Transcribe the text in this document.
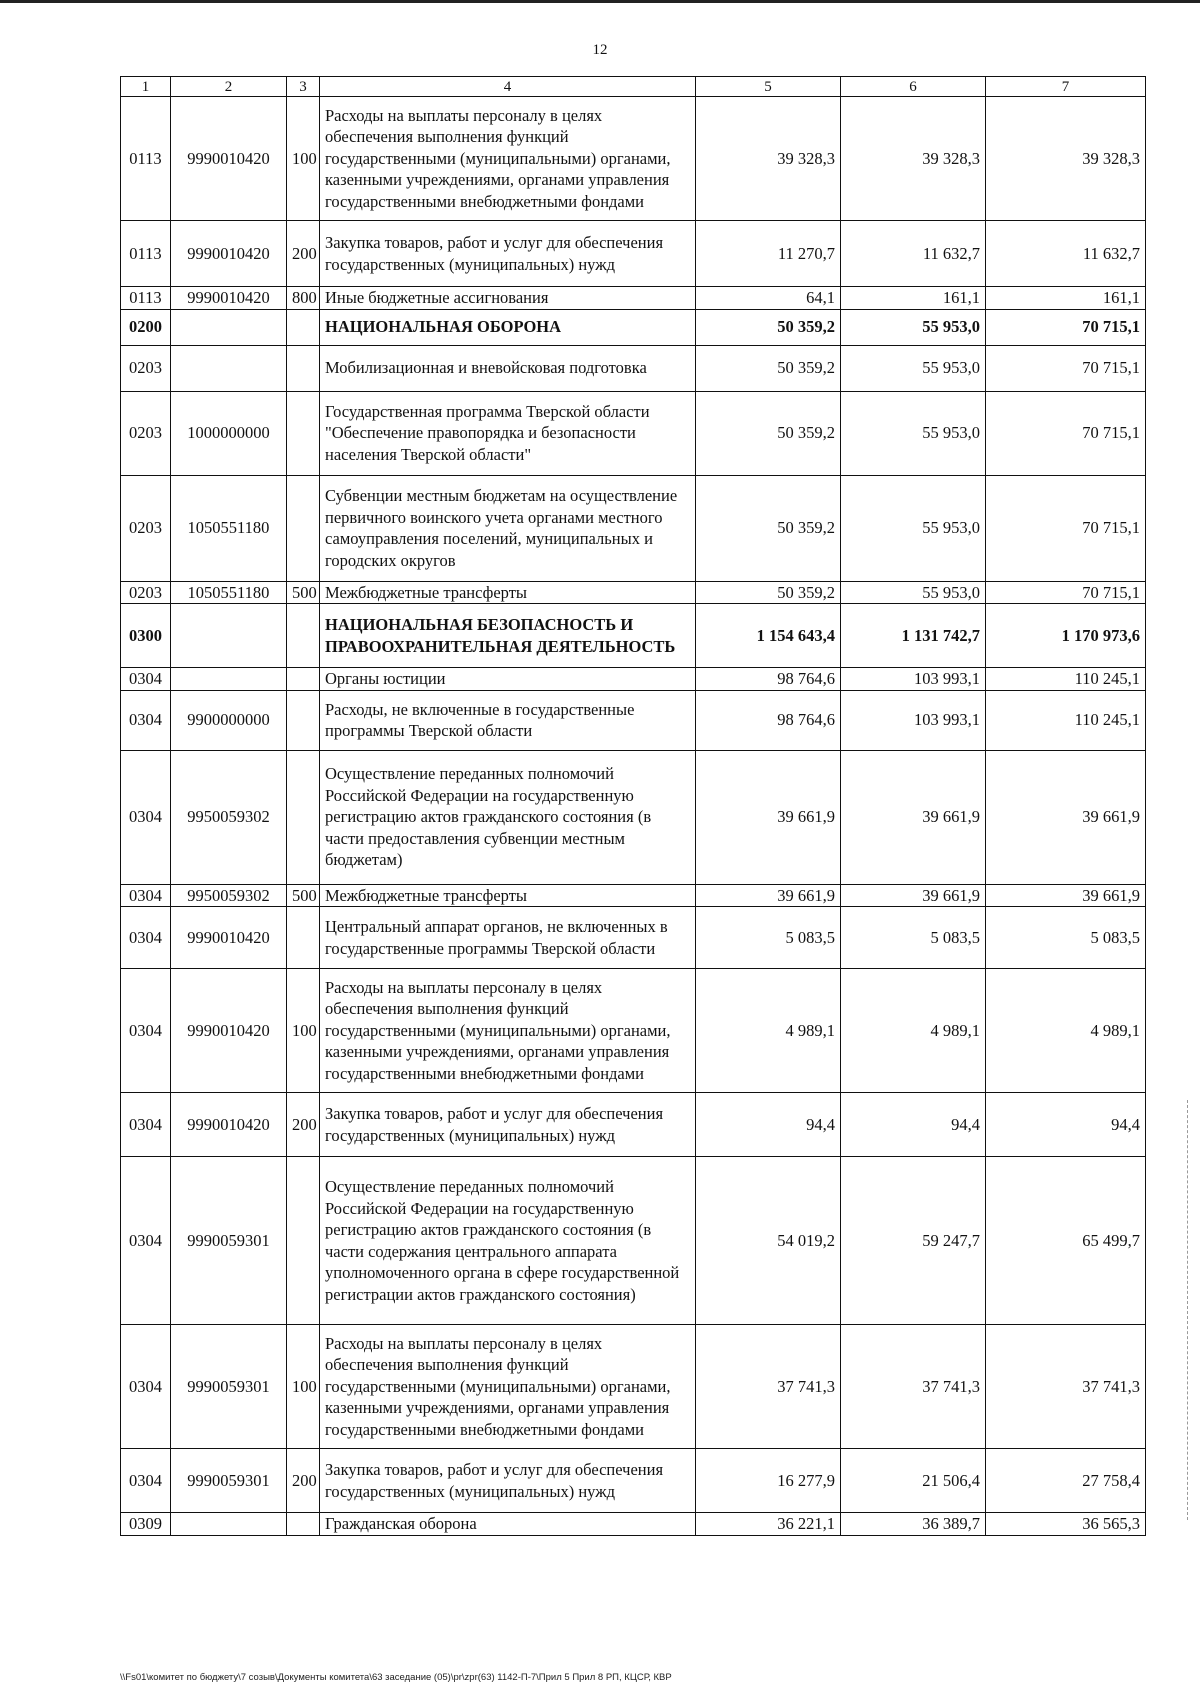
12
1	2	3	4	5	6	7
0113	9990010420	100	Расходы на выплаты персоналу в целях обеспечения выполнения функций государственными (муниципальными) органами, казенными учреждениями, органами управления государственными внебюджетными фондами	39 328,3	39 328,3	39 328,3
0113	9990010420	200	Закупка товаров, работ и услуг для обеспечения государственных (муниципальных) нужд	11 270,7	11 632,7	11 632,7
0113	9990010420	800	Иные бюджетные ассигнования	64,1	161,1	161,1
0200			НАЦИОНАЛЬНАЯ ОБОРОНА	50 359,2	55 953,0	70 715,1
0203			Мобилизационная и вневойсковая подготовка	50 359,2	55 953,0	70 715,1
0203	1000000000		Государственная программа Тверской области "Обеспечение правопорядка и безопасности населения Тверской области"	50 359,2	55 953,0	70 715,1
0203	1050551180		Субвенции местным бюджетам на осуществление первичного воинского учета органами местного самоуправления поселений, муниципальных и городских округов	50 359,2	55 953,0	70 715,1
0203	1050551180	500	Межбюджетные трансферты	50 359,2	55 953,0	70 715,1
0300			НАЦИОНАЛЬНАЯ БЕЗОПАСНОСТЬ И ПРАВООХРАНИТЕЛЬНАЯ ДЕЯТЕЛЬНОСТЬ	1 154 643,4	1 131 742,7	1 170 973,6
0304			Органы юстиции	98 764,6	103 993,1	110 245,1
0304	9900000000		Расходы, не включенные в государственные программы Тверской области	98 764,6	103 993,1	110 245,1
0304	9950059302		Осуществление переданных полномочий Российской Федерации на государственную регистрацию актов гражданского состояния (в части предоставления субвенции местным бюджетам)	39 661,9	39 661,9	39 661,9
0304	9950059302	500	Межбюджетные трансферты	39 661,9	39 661,9	39 661,9
0304	9990010420		Центральный аппарат органов, не включенных в государственные программы Тверской области	5 083,5	5 083,5	5 083,5
0304	9990010420	100	Расходы на выплаты персоналу в целях обеспечения выполнения функций государственными (муниципальными) органами, казенными учреждениями, органами управления государственными внебюджетными фондами	4 989,1	4 989,1	4 989,1
0304	9990010420	200	Закупка товаров, работ и услуг для обеспечения государственных (муниципальных) нужд	94,4	94,4	94,4
0304	9990059301		Осуществление переданных полномочий Российской Федерации на государственную регистрацию актов гражданского состояния (в части содержания центрального аппарата уполномоченного органа в сфере государственной регистрации актов гражданского состояния)	54 019,2	59 247,7	65 499,7
0304	9990059301	100	Расходы на выплаты персоналу в целях обеспечения выполнения функций государственными (муниципальными) органами, казенными учреждениями, органами управления государственными внебюджетными фондами	37 741,3	37 741,3	37 741,3
0304	9990059301	200	Закупка товаров, работ и услуг для обеспечения государственных (муниципальных) нужд	16 277,9	21 506,4	27 758,4
0309			Гражданская оборона	36 221,1	36 389,7	36 565,3
\\Fs01\комитет по бюджету\7 созыв\Документы комитета\63 заседание (05)\pr\zpr(63) 1142-П-7\Прил 5 Прил 8 РП, КЦСР, КВР
